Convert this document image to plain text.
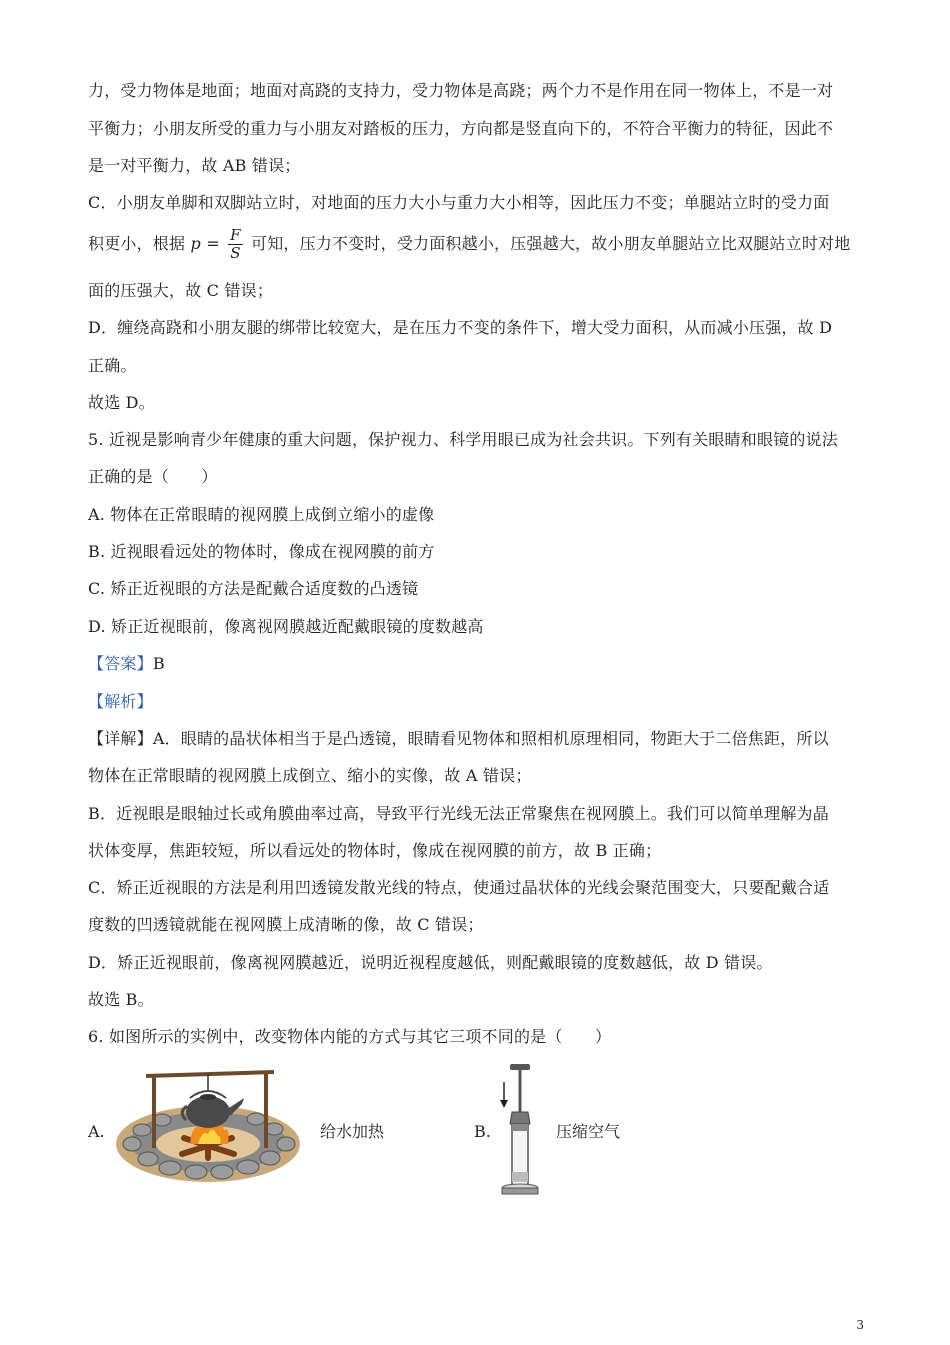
力，受力物体是地面；地面对高跷的支持力，受力物体是高跷；两个力不是作用在同一物体上，不是一对
平衡力；小朋友所受的重力与小朋友对踏板的压力，方向都是竖直向下的，不符合平衡力的特征，因此不
是一对平衡力，故 AB 错误；
C．小朋友单脚和双脚站立时，对地面的压力大小与重力大小相等，因此压力不变；单腿站立时的受力面
积更小，根据 $p = \frac{F}{S}$ 可知，压力不变时，受力面积越小，压强越大，故小朋友单腿站立比双腿站立时对地
面的压强大，故 C 错误；
D．缠绕高跷和小朋友腿的绑带比较宽大，是在压力不变的条件下，增大受力面积，从而减小压强，故 D
正确。
故选 D。
5. 近视是影响青少年健康的重大问题，保护视力、科学用眼已成为社会共识。下列有关眼睛和眼镜的说法
正确的是（　　）
A. 物体在正常眼睛的视网膜上成倒立缩小的虚像
B. 近视眼看远处的物体时，像成在视网膜的前方
C. 矫正近视眼的方法是配戴合适度数的凸透镜
D. 矫正近视眼前，像离视网膜越近配戴眼镜的度数越高
【答案】B
【解析】
【详解】A．眼睛的晶状体相当于是凸透镜，眼睛看见物体和照相机原理相同，物距大于二倍焦距，所以
物体在正常眼睛的视网膜上成倒立、缩小的实像，故 A 错误；
B．近视眼是眼轴过长或角膜曲率过高，导致平行光线无法正常聚焦在视网膜上。我们可以简单理解为晶
状体变厚，焦距较短，所以看远处的物体时，像成在视网膜的前方，故 B 正确；
C．矫正近视眼的方法是利用凹透镜发散光线的特点，使通过晶状体的光线会聚范围变大，只要配戴合适
度数的凹透镜就能在视网膜上成清晰的像，故 C 错误；
D．矫正近视眼前，像离视网膜越近，说明近视程度越低，则配戴眼镜的度数越低，故 D 错误。
故选 B。
6. 如图所示的实例中，改变物体内能的方式与其它三项不同的是（　　）
A.	给水加热	B.	压缩空气
3
